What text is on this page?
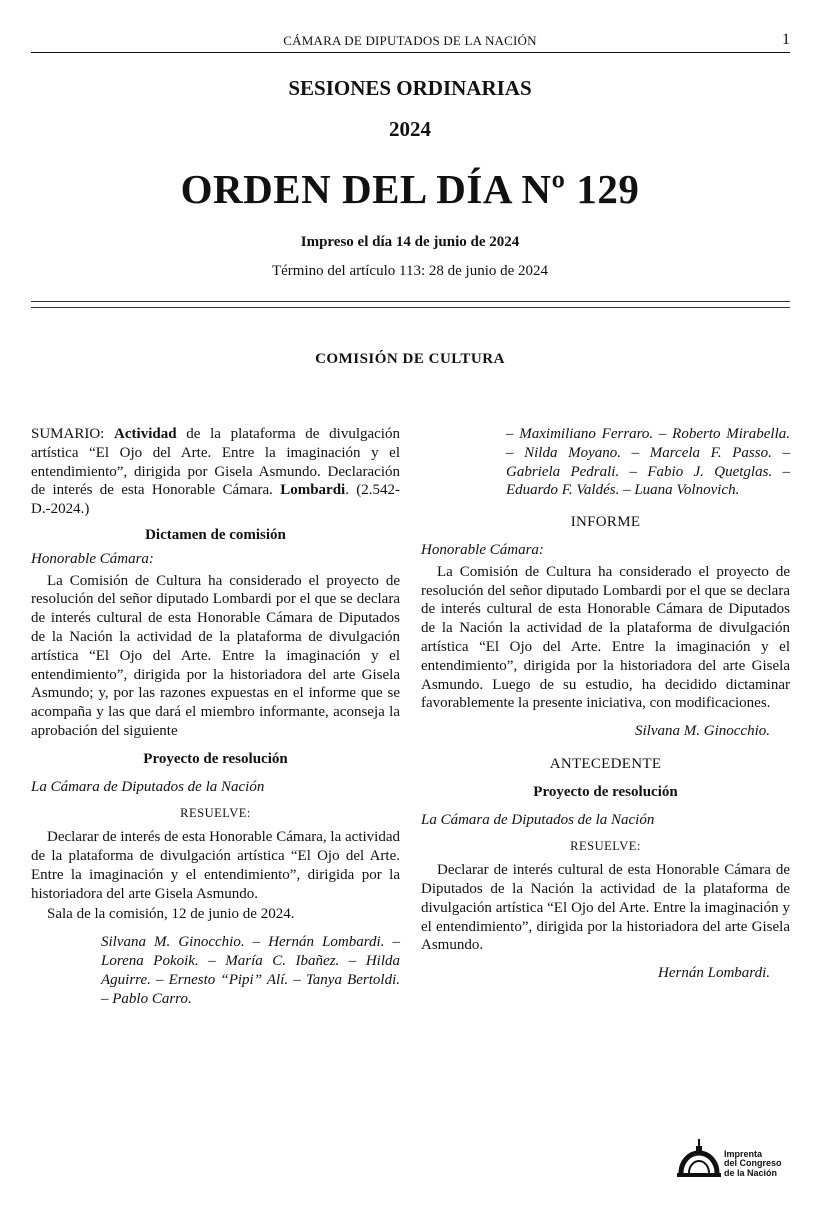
CÁMARA DE DIPUTADOS DE LA NACIÓN	1
SESIONES ORDINARIAS
2024
ORDEN DEL DÍA Nº 129
Impreso el día 14 de junio de 2024
Término del artículo 113: 28 de junio de 2024
COMISIÓN DE CULTURA

SUMARIO: Actividad de la plataforma de divulgación artística “El Ojo del Arte. Entre la imaginación y el entendimiento”, dirigida por Gisela Asmundo. Declaración de interés de esta Honorable Cámara. Lombardi. (2.542-D.-2024.)

Dictamen de comisión

Honorable Cámara:

La Comisión de Cultura ha considerado el proyecto de resolución del señor diputado Lombardi por el que se declara de interés cultural de esta Honorable Cámara de Diputados de la Nación la actividad de la plataforma de divulgación artística “El Ojo del Arte. Entre la imaginación y el entendimiento”, dirigida por la historiadora del arte Gisela Asmundo; y, por las razones expuestas en el informe que se acompaña y las que dará el miembro informante, aconseja la aprobación del siguiente

Proyecto de resolución

La Cámara de Diputados de la Nación

RESUELVE:

Declarar de interés de esta Honorable Cámara, la actividad de la plataforma de divulgación artística “El Ojo del Arte. Entre la imaginación y el entendimiento”, dirigida por la historiadora del arte Gisela Asmundo.

Sala de la comisión, 12 de junio de 2024.

Silvana M. Ginocchio. – Hernán Lombardi. – Lorena Pokoik. – María C. Ibañez. – Hilda Aguirre. – Ernesto “Pipi” Alí. – Tanya Bertoldi. – Pablo Carro.

– Maximiliano Ferraro. – Roberto Mirabella. – Nilda Moyano. – Marcela F. Passo. – Gabriela Pedrali. – Fabio J. Quetglas. – Eduardo F. Valdés. – Luana Volnovich.

INFORME

Honorable Cámara:

La Comisión de Cultura ha considerado el proyecto de resolución del señor diputado Lombardi por el que se declara de interés cultural de esta Honorable Cámara de Diputados de la Nación la actividad de la plataforma de divulgación artística “El Ojo del Arte. Entre la imaginación y el entendimiento”, dirigida por la historiadora del arte Gisela Asmundo. Luego de su estudio, ha decidido dictaminar favorablemente la presente iniciativa, con modificaciones.

Silvana M. Ginocchio.

ANTECEDENTE

Proyecto de resolución

La Cámara de Diputados de la Nación

RESUELVE:

Declarar de interés cultural de esta Honorable Cámara de Diputados de la Nación la actividad de la plataforma de divulgación artística “El Ojo del Arte. Entre la imaginación y el entendimiento”, dirigida por la historiadora del arte Gisela Asmundo.

Hernán Lombardi.

Imprenta
del Congreso
de la Nación
